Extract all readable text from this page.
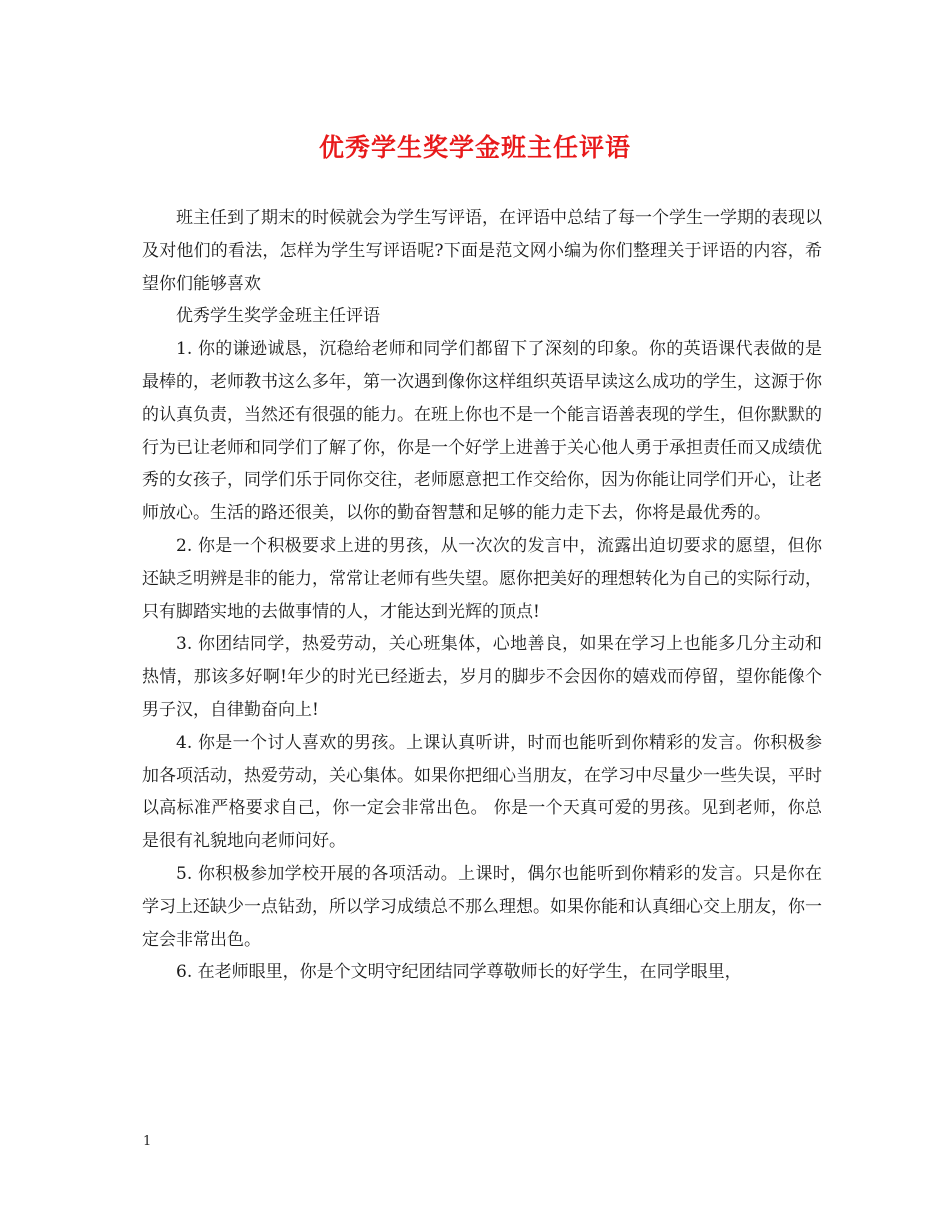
优秀学生奖学金班主任评语

班主任到了期末的时候就会为学生写评语，在评语中总结了每一个学生一学期的表现以及对他们的看法，怎样为学生写评语呢?下面是范文网小编为你们整理关于评语的内容，希望你们能够喜欢

优秀学生奖学金班主任评语

1. 你的谦逊诚恳，沉稳给老师和同学们都留下了深刻的印象。你的英语课代表做的是最棒的，老师教书这么多年，第一次遇到像你这样组织英语早读这么成功的学生，这源于你的认真负责，当然还有很强的能力。在班上你也不是一个能言语善表现的学生，但你默默的行为已让老师和同学们了解了你，你是一个好学上进善于关心他人勇于承担责任而又成绩优秀的女孩子，同学们乐于同你交往，老师愿意把工作交给你，因为你能让同学们开心，让老师放心。生活的路还很美，以你的勤奋智慧和足够的能力走下去，你将是最优秀的。

2. 你是一个积极要求上进的男孩，从一次次的发言中，流露出迫切要求的愿望，但你还缺乏明辨是非的能力，常常让老师有些失望。愿你把美好的理想转化为自己的实际行动，只有脚踏实地的去做事情的人，才能达到光辉的顶点!

3. 你团结同学，热爱劳动，关心班集体，心地善良，如果在学习上也能多几分主动和热情，那该多好啊!年少的时光已经逝去，岁月的脚步不会因你的嬉戏而停留，望你能像个男子汉，自律勤奋向上!

4. 你是一个讨人喜欢的男孩。上课认真听讲，时而也能听到你精彩的发言。你积极参加各项活动，热爱劳动，关心集体。如果你把细心当朋友，在学习中尽量少一些失误，平时以高标准严格要求自己，你一定会非常出色。 你是一个天真可爱的男孩。见到老师，你总是很有礼貌地向老师问好。

5. 你积极参加学校开展的各项活动。上课时，偶尔也能听到你精彩的发言。只是你在学习上还缺少一点钻劲，所以学习成绩总不那么理想。如果你能和认真细心交上朋友，你一定会非常出色。

6. 在老师眼里，你是个文明守纪团结同学尊敬师长的好学生，在同学眼里，

1
